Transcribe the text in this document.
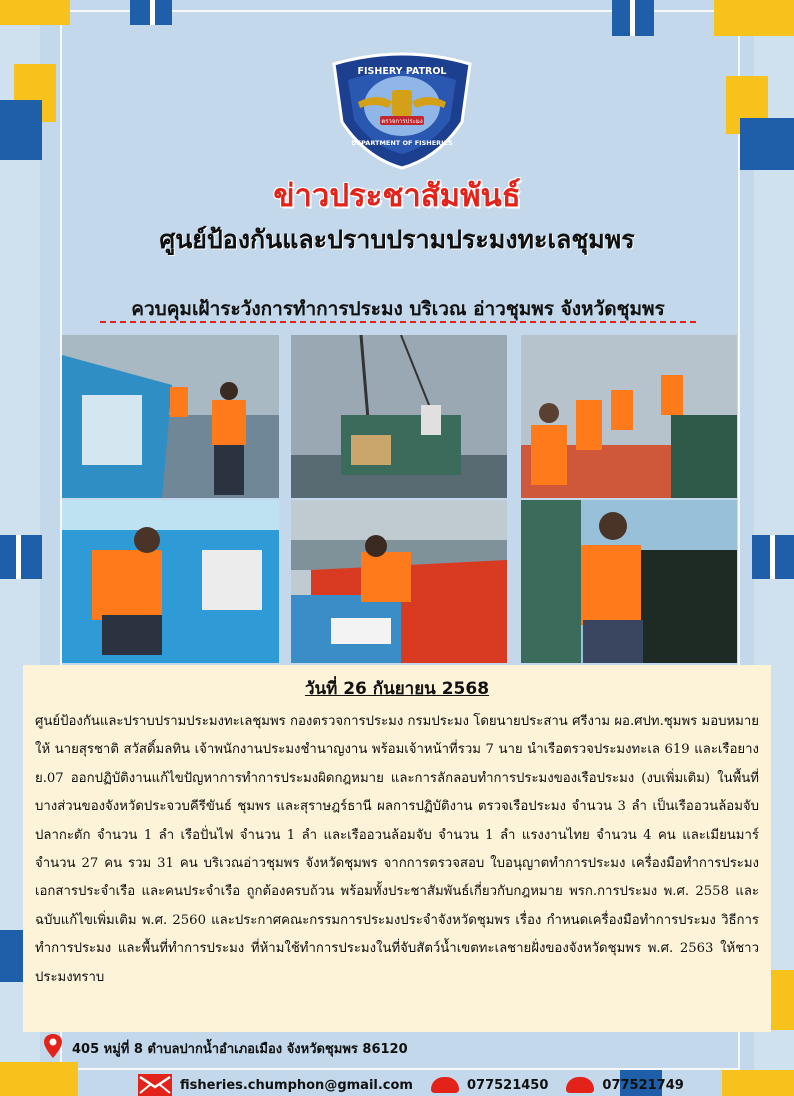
ตรวจการประมง
FISHERY PATROL
DEPARTMENT OF FISHERIES
ข่าวประชาสัมพันธ์
ศูนย์ป้องกันและปราบปรามประมงทะเลชุมพร
ควบคุมเฝ้าระวังการทำการประมง บริเวณ อ่าวชุมพร จังหวัดชุมพร
วันที่ 26 กันยายน 2568
ศูนย์ป้องกันและปราบปรามประมงทะเลชุมพร กองตรวจการประมง กรมประมง โดยนายประสาน ศรีงาม ผอ.ศปท.ชุมพร มอบหมายให้ นายสุรชาติ สวัสดิ์มลทิน เจ้าพนักงานประมงชำนาญงาน พร้อมเจ้าหน้าที่รวม 7 นาย นำเรือตรวจประมงทะเล 619 และเรือยาง ย.07 ออกปฏิบัติงานแก้ไขปัญหาการทำการประมงผิดกฎหมาย และการลักลอบทำการประมงของเรือประมง (งบเพิ่มเติม) ในพื้นที่บางส่วนของจังหวัดประจวบคีรีขันธ์ ชุมพร และสุราษฎร์ธานี ผลการปฏิบัติงาน ตรวจเรือประมง จำนวน 3 ลำ เป็นเรืออวนล้อมจับปลากะตัก จำนวน 1 ลำ เรือปั่นไฟ จำนวน 1 ลำ และเรืออวนล้อมจับ จำนวน 1 ลำ แรงงานไทย จำนวน 4 คน และเมียนมาร์ จำนวน 27 คน รวม 31 คน บริเวณอ่าวชุมพร จังหวัดชุมพร จากการตรวจสอบ ใบอนุญาตทำการประมง เครื่องมือทำการประมง เอกสารประจำเรือ และคนประจำเรือ ถูกต้องครบถ้วน พร้อมทั้งประชาสัมพันธ์เกี่ยวกับกฎหมาย พรก.การประมง พ.ศ. 2558 และฉบับแก้ไขเพิ่มเติม พ.ศ. 2560 และประกาศคณะกรรมการประมงประจำจังหวัดชุมพร เรื่อง กำหนดเครื่องมือทำการประมง วิธีการทำการประมง และพื้นที่ทำการประมง ที่ห้ามใช้ทำการประมงในที่จับสัตว์น้ำเขตทะเลชายฝั่งของจังหวัดชุมพร พ.ศ. 2563 ให้ชาวประมงทราบ
405 หมู่ที่ 8 ตำบลปากน้ำอำเภอเมือง จังหวัดชุมพร 86120
fisheries.chumphon@gmail.com	077521450	077521749
